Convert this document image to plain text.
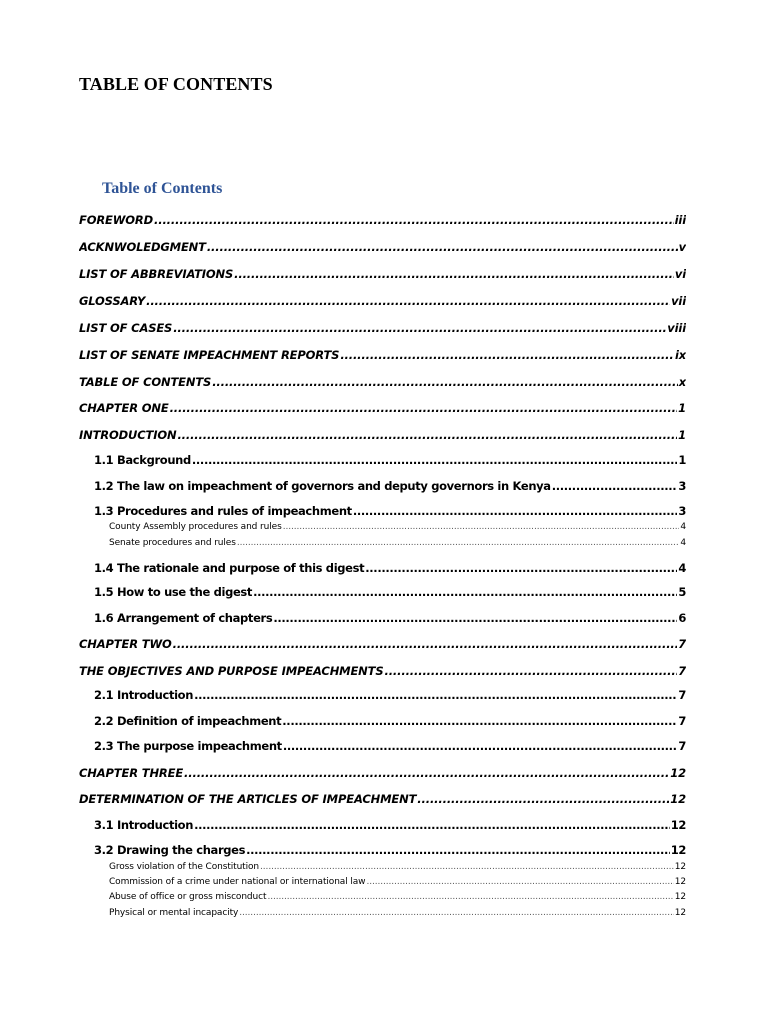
TABLE OF CONTENTS
Table of Contents
FOREWORD .....	iii
ACKNWOLEDGMENT .....	v
LIST OF ABBREVIATIONS .....	vi
GLOSSARY .....	vii
LIST OF CASES .....	viii
LIST OF SENATE IMPEACHMENT REPORTS .....	ix
TABLE OF CONTENTS .....	x
CHAPTER ONE .....	1
INTRODUCTION .....	1
1.1 Background .....	1
1.2 The law on impeachment of governors and deputy governors in Kenya .....	3
1.3 Procedures and rules of impeachment .....	3
County Assembly procedures and rules .....	4
Senate procedures and rules .....	4
1.4 The rationale and purpose of this digest .....	4
1.5 How to use the digest .....	5
1.6 Arrangement of chapters .....	6
CHAPTER TWO .....	7
THE OBJECTIVES AND PURPOSE IMPEACHMENTS .....	7
2.1 Introduction .....	7
2.2 Definition of impeachment .....	7
2.3 The purpose impeachment .....	7
CHAPTER THREE .....	12
DETERMINATION OF THE ARTICLES OF IMPEACHMENT .....	12
3.1 Introduction .....	12
3.2 Drawing the charges .....	12
Gross violation of the Constitution .....	12
Commission of a crime under national or international law .....	12
Abuse of office or gross misconduct .....	12
Physical or mental incapacity .....	12
